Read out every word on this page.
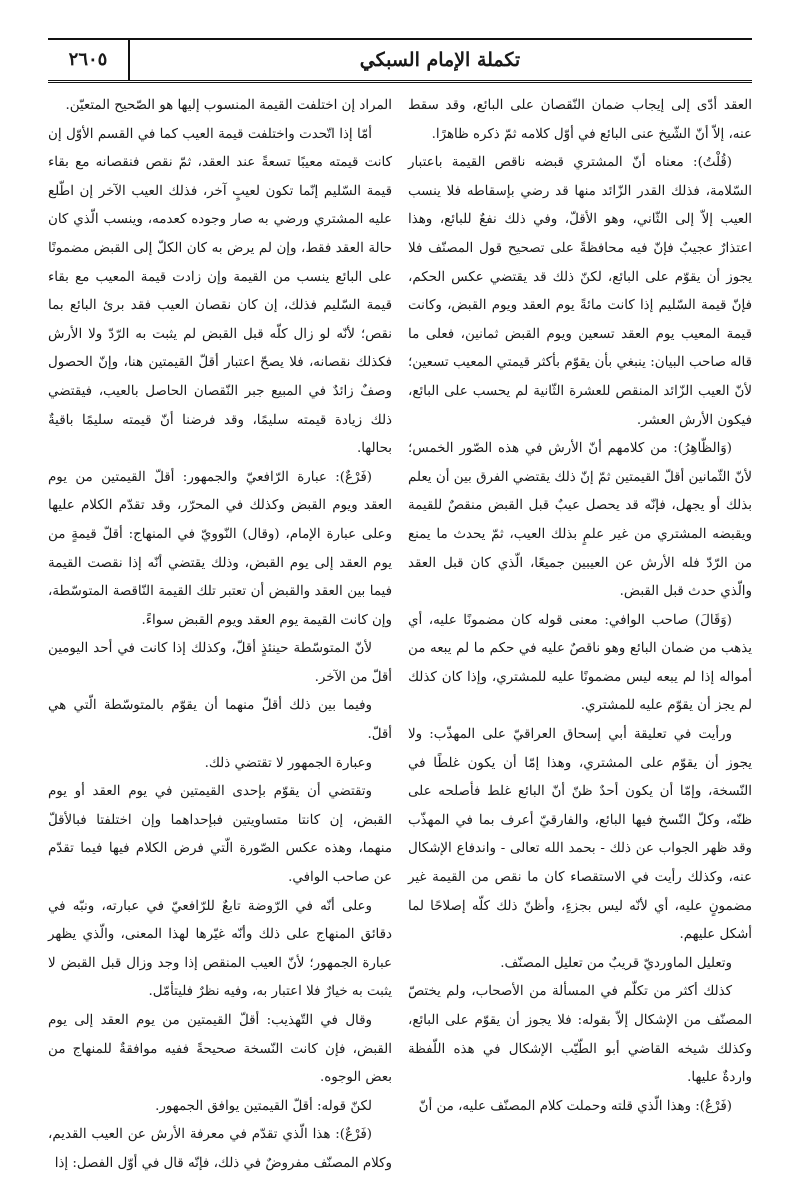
٢٦٠٥	تكملة الإمام السبكي

العقد أدّى إلى إيجاب ضمان النّقصان على البائع، وقد سقط عنه، إلاّ أنّ الشّيخ عنى البائع في أوّل كلامه ثمّ ذكره ظاهرًا.

(قُلْتُ): معناه أنّ المشتري قبضه ناقص القيمة باعتبار السّلامة، فذلك القدر الزّائد منها قد رضي بإسقاطه فلا ينسب العيب إلاّ إلى الثّاني، وهو الأقلّ، وفي ذلك نفعٌ للبائع، وهذا اعتذارٌ عجيبٌ فإنّ فيه محافظةً على تصحيح قول المصنّف فلا يجوز أن يقوّم على البائع، لكنّ ذلك قد يقتضي عكس الحكم، فإنّ قيمة السّليم إذا كانت مائةً يوم العقد ويوم القبض، وكانت قيمة المعيب يوم العقد تسعين ويوم القبض ثمانين، فعلى ما قاله صاحب البيان: ينبغي بأن يقوّم بأكثر قيمتي المعيب تسعين؛ لأنّ العيب الزّائد المنقص للعشرة الثّانية لم يحسب على البائع، فيكون الأرش العشر.

(وَالظّاهِرُ): من كلامهم أنّ الأرش في هذه الصّور الخمس؛ لأنّ الثّمانين أقلّ القيمتين ثمّ إنّ ذلك يقتضي الفرق بين أن يعلم بذلك أو يجهل، فإنّه قد يحصل عيبٌ قبل القبض منقصٌ للقيمة ويقبضه المشتري من غير علمٍ بذلك العيب، ثمّ يحدث ما يمنع من الرّدّ فله الأرش عن العيبين جميعًا، الّذي كان قبل العقد والّذي حدث قبل القبض.

(وَقَالَ) صاحب الوافي: معنى قوله كان مضمونًا عليه، أي يذهب من ضمان البائع وهو ناقصٌ عليه في حكم ما لم يبعه من أمواله إذا لم يبعه ليس مضمونًا عليه للمشتري، وإذا كان كذلك لم يجز أن يقوّم عليه للمشتري.

ورأيت في تعليقة أبي إسحاق العراقيّ على المهذّب: ولا يجوز أن يقوّم على المشتري، وهذا إمّا أن يكون غلطًا في النّسخة، وإمّا أن يكون أحدٌ ظنّ أنّ البائع غلط فأصلحه على ظنّه، وكلّ النّسخ فيها البائع، والفارقيّ أعرف بما في المهذّب وقد ظهر الجواب عن ذلك - بحمد الله تعالى - واندفاع الإشكال عنه، وكذلك رأيت في الاستقصاء كان ما نقص من القيمة غير مضمونٍ عليه، أي لأنّه ليس بجزءٍ، وأظنّ ذلك كلّه إصلاحًا لما أشكل عليهم.

وتعليل الماورديّ قريبٌ من تعليل المصنّف.

كذلك أكثر من تكلّم في المسألة من الأصحاب، ولم يختصّ المصنّف من الإشكال إلاّ بقوله: فلا يجوز أن يقوّم على البائع، وكذلك شيخه القاضي أبو الطّيّب الإشكال في هذه اللّفظة واردةٌ عليها.

(فَرْعٌ): وهذا الّذي قلته وحملت كلام المصنّف عليه، من أنّ

المراد إن اختلفت القيمة المنسوب إليها هو الصّحيح المتعيّن.

أمّا إذا اتّحدت واختلفت قيمة العيب كما في القسم الأوّل إن كانت قيمته معيبًا تسعةً عند العقد، ثمّ نقص فنقصانه مع بقاء قيمة السّليم إنّما تكون لعيبٍ آخر، فذلك العيب الآخر إن اطّلع عليه المشتري ورضي به صار وجوده كعدمه، وينسب الّذي كان حالة العقد فقط، وإن لم يرض به كان الكلّ إلى القبض مضمونًا على البائع ينسب من القيمة وإن زادت قيمة المعيب مع بقاء قيمة السّليم فذلك، إن كان نقصان العيب فقد برئ البائع بما نقص؛ لأنّه لو زال كلّه قبل القبض لم يثبت به الرّدّ ولا الأرش فكذلك نقصانه، فلا يصحّ اعتبار أقلّ القيمتين هنا، وإنّ الحصول وصفٌ زائدٌ في المبيع جبر النّقصان الحاصل بالعيب، فيقتضي ذلك زيادة قيمته سليمًا، وقد فرضنا أنّ قيمته سليمًا باقيةٌ بحالها.

(فَرْعٌ): عبارة الرّافعيّ والجمهور: أقلّ القيمتين من يوم العقد ويوم القبض وكذلك في المحرّر، وقد تقدّم الكلام عليها وعلى عبارة الإمام، (وقال) النّوويّ في المنهاج: أقلّ قيمةٍ من يوم العقد إلى يوم القبض، وذلك يقتضي أنّه إذا نقصت القيمة فيما بين العقد والقبض أن تعتبر تلك القيمة النّاقصة المتوسّطة، وإن كانت القيمة يوم العقد ويوم القبض سواءً.

لأنّ المتوسّطة حينئذٍ أقلّ، وكذلك إذا كانت في أحد اليومين أقلّ من الآخر.

وفيما بين ذلك أقلّ منهما أن يقوّم بالمتوسّطة الّتي هي أقلّ.

وعبارة الجمهور لا تقتضي ذلك.

وتقتضي أن يقوّم بإحدى القيمتين في يوم العقد أو يوم القبض، إن كانتا متساويتين فبإحداهما وإن اختلفتا فبالأقلّ منهما، وهذه عكس الصّورة الّتي فرض الكلام فيها فيما تقدّم عن صاحب الوافي.

وعلى أنّه في الرّوضة تابعٌ للرّافعيّ في عبارته، ونبّه في دقائق المنهاج على ذلك وأنّه غيّرها لهذا المعنى، والّذي يظهر عبارة الجمهور؛ لأنّ العيب المنقص إذا وجد وزال قبل القبض لا يثبت به خيارٌ فلا اعتبار به، وفيه نظرٌ فليتأمّل.

وقال في التّهذيب: أقلّ القيمتين من يوم العقد إلى يوم القبض، فإن كانت النّسخة صحيحةً ففيه موافقةٌ للمنهاج من بعض الوجوه.

لكنّ قوله: أقلّ القيمتين يوافق الجمهور.

(فَرْعٌ): هذا الّذي تقدّم في معرفة الأرش عن العيب القديم، وكلام المصنّف مفروضٌ في ذلك، فإنّه قال في أوّل الفصل: إذا
